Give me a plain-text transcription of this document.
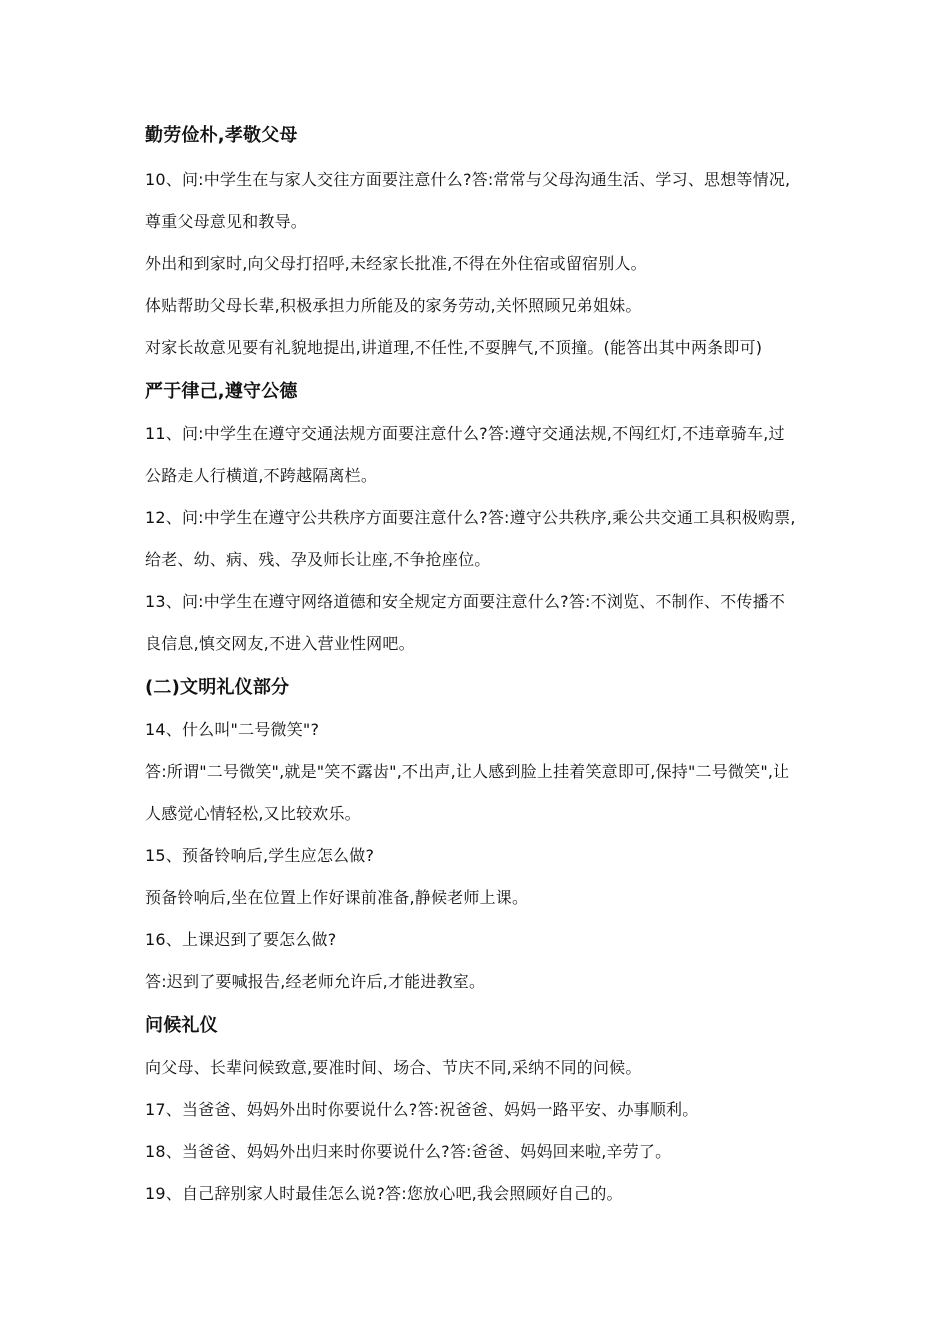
勤劳俭朴,孝敬父母
10、问:中学生在与家人交往方面要注意什么?答:常常与父母沟通生活、学习、思想等情况,
尊重父母意见和教导。
外出和到家时,向父母打招呼,未经家长批准,不得在外住宿或留宿别人。
体贴帮助父母长辈,积极承担力所能及的家务劳动,关怀照顾兄弟姐妹。
对家长故意见要有礼貌地提出,讲道理,不任性,不耍脾气,不顶撞。(能答出其中两条即可)
严于律己,遵守公德
11、问:中学生在遵守交通法规方面要注意什么?答:遵守交通法规,不闯红灯,不违章骑车,过
公路走人行横道,不跨越隔离栏。
12、问:中学生在遵守公共秩序方面要注意什么?答:遵守公共秩序,乘公共交通工具积极购票,
给老、幼、病、残、孕及师长让座,不争抢座位。
13、问:中学生在遵守网络道德和安全规定方面要注意什么?答:不浏览、不制作、不传播不
良信息,慎交网友,不进入营业性网吧。
(二)文明礼仪部分
14、什么叫"二号微笑"?
答:所谓"二号微笑",就是"笑不露齿",不出声,让人感到脸上挂着笑意即可,保持"二号微笑",让
人感觉心情轻松,又比较欢乐。
15、预备铃响后,学生应怎么做?
预备铃响后,坐在位置上作好课前准备,静候老师上课。
16、上课迟到了要怎么做?
答:迟到了要喊报告,经老师允许后,才能进教室。
问候礼仪
向父母、长辈问候致意,要准时间、场合、节庆不同,采纳不同的问候。
17、当爸爸、妈妈外出时你要说什么?答:祝爸爸、妈妈一路平安、办事顺利。
18、当爸爸、妈妈外出归来时你要说什么?答:爸爸、妈妈回来啦,辛劳了。
19、自己辞别家人时最佳怎么说?答:您放心吧,我会照顾好自己的。
